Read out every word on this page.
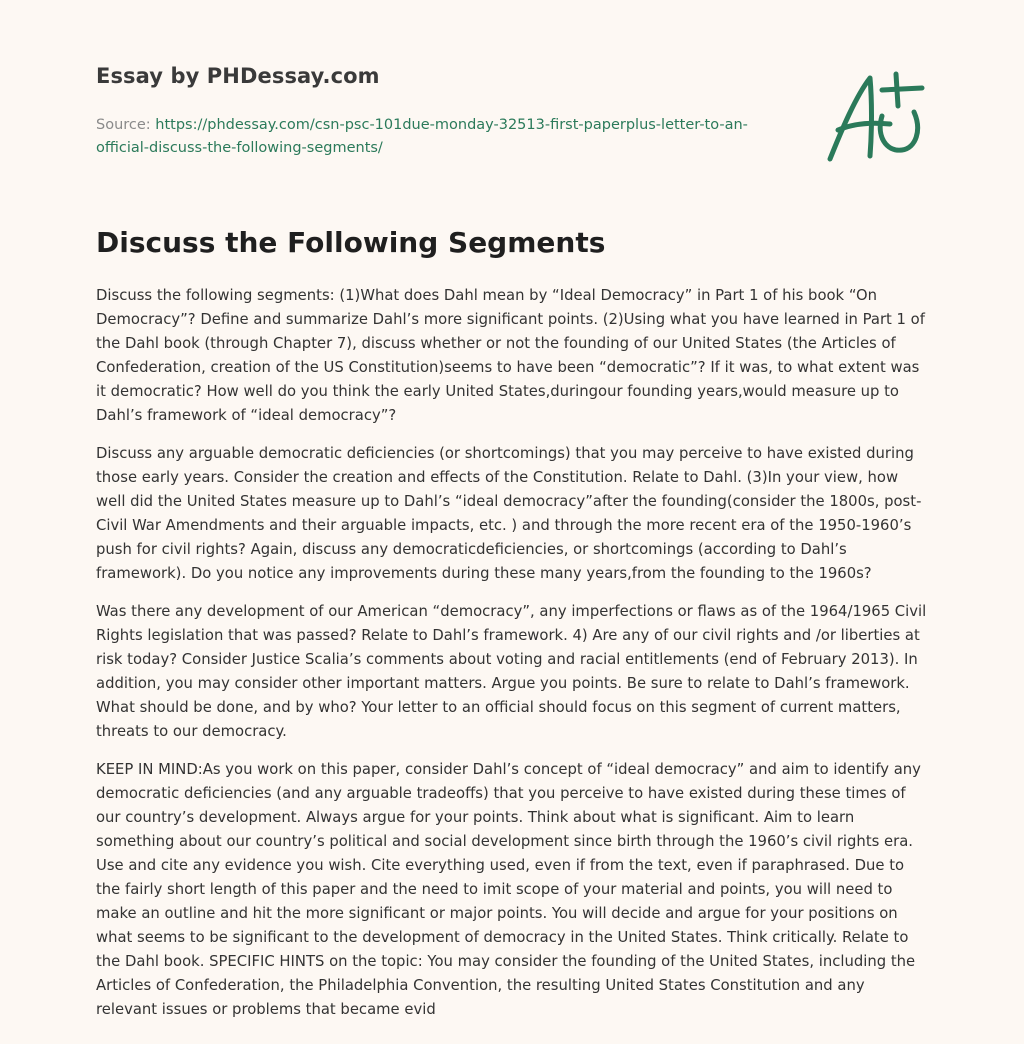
Essay by PHDessay.com
Source: https://phdessay.com/csn-psc-101due-monday-32513-first-paperplus-letter-to-an-official-discuss-the-following-segments/
Discuss the Following Segments

Discuss the following segments: (1)What does Dahl mean by “Ideal Democracy” in Part 1 of his book “On Democracy”? Define and summarize Dahl’s more significant points. (2)Using what you have learned in Part 1 of the Dahl book (through Chapter 7), discuss whether or not the founding of our United States (the Articles of Confederation, creation of the US Constitution)seems to have been “democratic”? If it was, to what extent was it democratic? How well do you think the early United States,duringour founding years,would measure up to Dahl’s framework of “ideal democracy”?

Discuss any arguable democratic deficiencies (or shortcomings) that you may perceive to have existed during those early years. Consider the creation and effects of the Constitution. Relate to Dahl. (3)In your view, how well did the United States measure up to Dahl’s “ideal democracy”after the founding(consider the 1800s, post-Civil War Amendments and their arguable impacts, etc. ) and through the more recent era of the 1950-1960’s push for civil rights? Again, discuss any democraticdeficiencies, or shortcomings (according to Dahl’s framework). Do you notice any improvements during these many years,from the founding to the 1960s?

Was there any development of our American “democracy”, any imperfections or flaws as of the 1964/1965 Civil Rights legislation that was passed? Relate to Dahl’s framework. 4) Are any of our civil rights and /or liberties at risk today? Consider Justice Scalia’s comments about voting and racial entitlements (end of February 2013). In addition, you may consider other important matters. Argue you points. Be sure to relate to Dahl’s framework. What should be done, and by who? Your letter to an official should focus on this segment of current matters, threats to our democracy.

KEEP IN MIND:As you work on this paper, consider Dahl’s concept of “ideal democracy” and aim to identify any democratic deficiencies (and any arguable tradeoffs) that you perceive to have existed during these times of our country’s development. Always argue for your points. Think about what is significant. Aim to learn something about our country’s political and social development since birth through the 1960’s civil rights era. Use and cite any evidence you wish. Cite everything used, even if from the text, even if paraphrased. Due to the fairly short length of this paper and the need to imit scope of your material and points, you will need to make an outline and hit the more significant or major points. You will decide and argue for your positions on what seems to be significant to the development of democracy in the United States. Think critically. Relate to the Dahl book. SPECIFIC HINTS on the topic: You may consider the founding of the United States, including the Articles of Confederation, the Philadelphia Convention, the resulting United States Constitution and any relevant issues or problems that became evid
